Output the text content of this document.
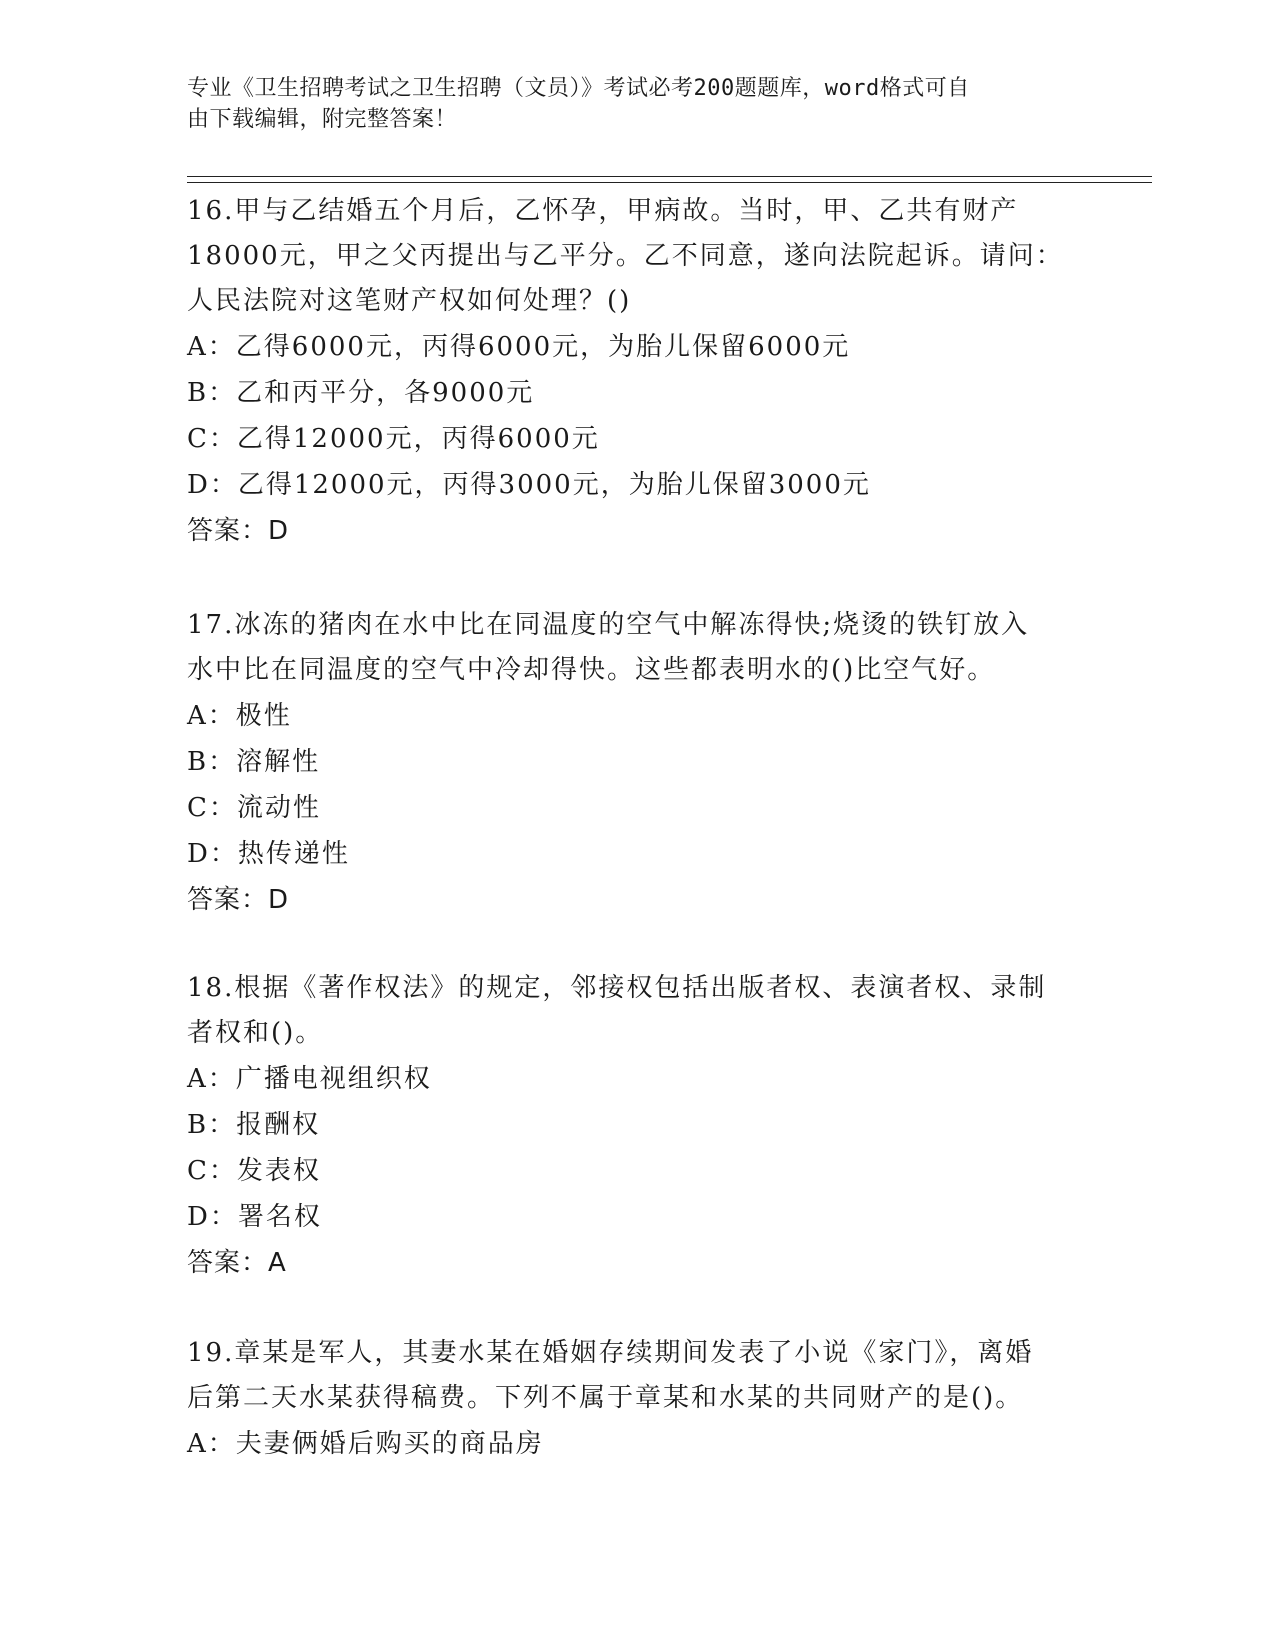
专业《卫生招聘考试之卫生招聘（文员）》考试必考200题题库，word格式可自
由下载编辑，附完整答案！

16.甲与乙结婚五个月后，乙怀孕，甲病故。当时，甲、乙共有财产

18000元，甲之父丙提出与乙平分。乙不同意，遂向法院起诉。请问：

人民法院对这笔财产权如何处理？()

A：乙得6000元，丙得6000元，为胎儿保留6000元

B：乙和丙平分，各9000元

C：乙得12000元，丙得6000元

D：乙得12000元，丙得3000元，为胎儿保留3000元

答案：D

17.冰冻的猪肉在水中比在同温度的空气中解冻得快;烧烫的铁钉放入

水中比在同温度的空气中冷却得快。这些都表明水的()比空气好。

A：极性

B：溶解性

C：流动性

D：热传递性

答案：D

18.根据《著作权法》的规定，邻接权包括出版者权、表演者权、录制

者权和()。

A：广播电视组织权

B：报酬权

C：发表权

D：署名权

答案：A

19.章某是军人，其妻水某在婚姻存续期间发表了小说《家门》，离婚

后第二天水某获得稿费。下列不属于章某和水某的共同财产的是()。

A：夫妻俩婚后购买的商品房
